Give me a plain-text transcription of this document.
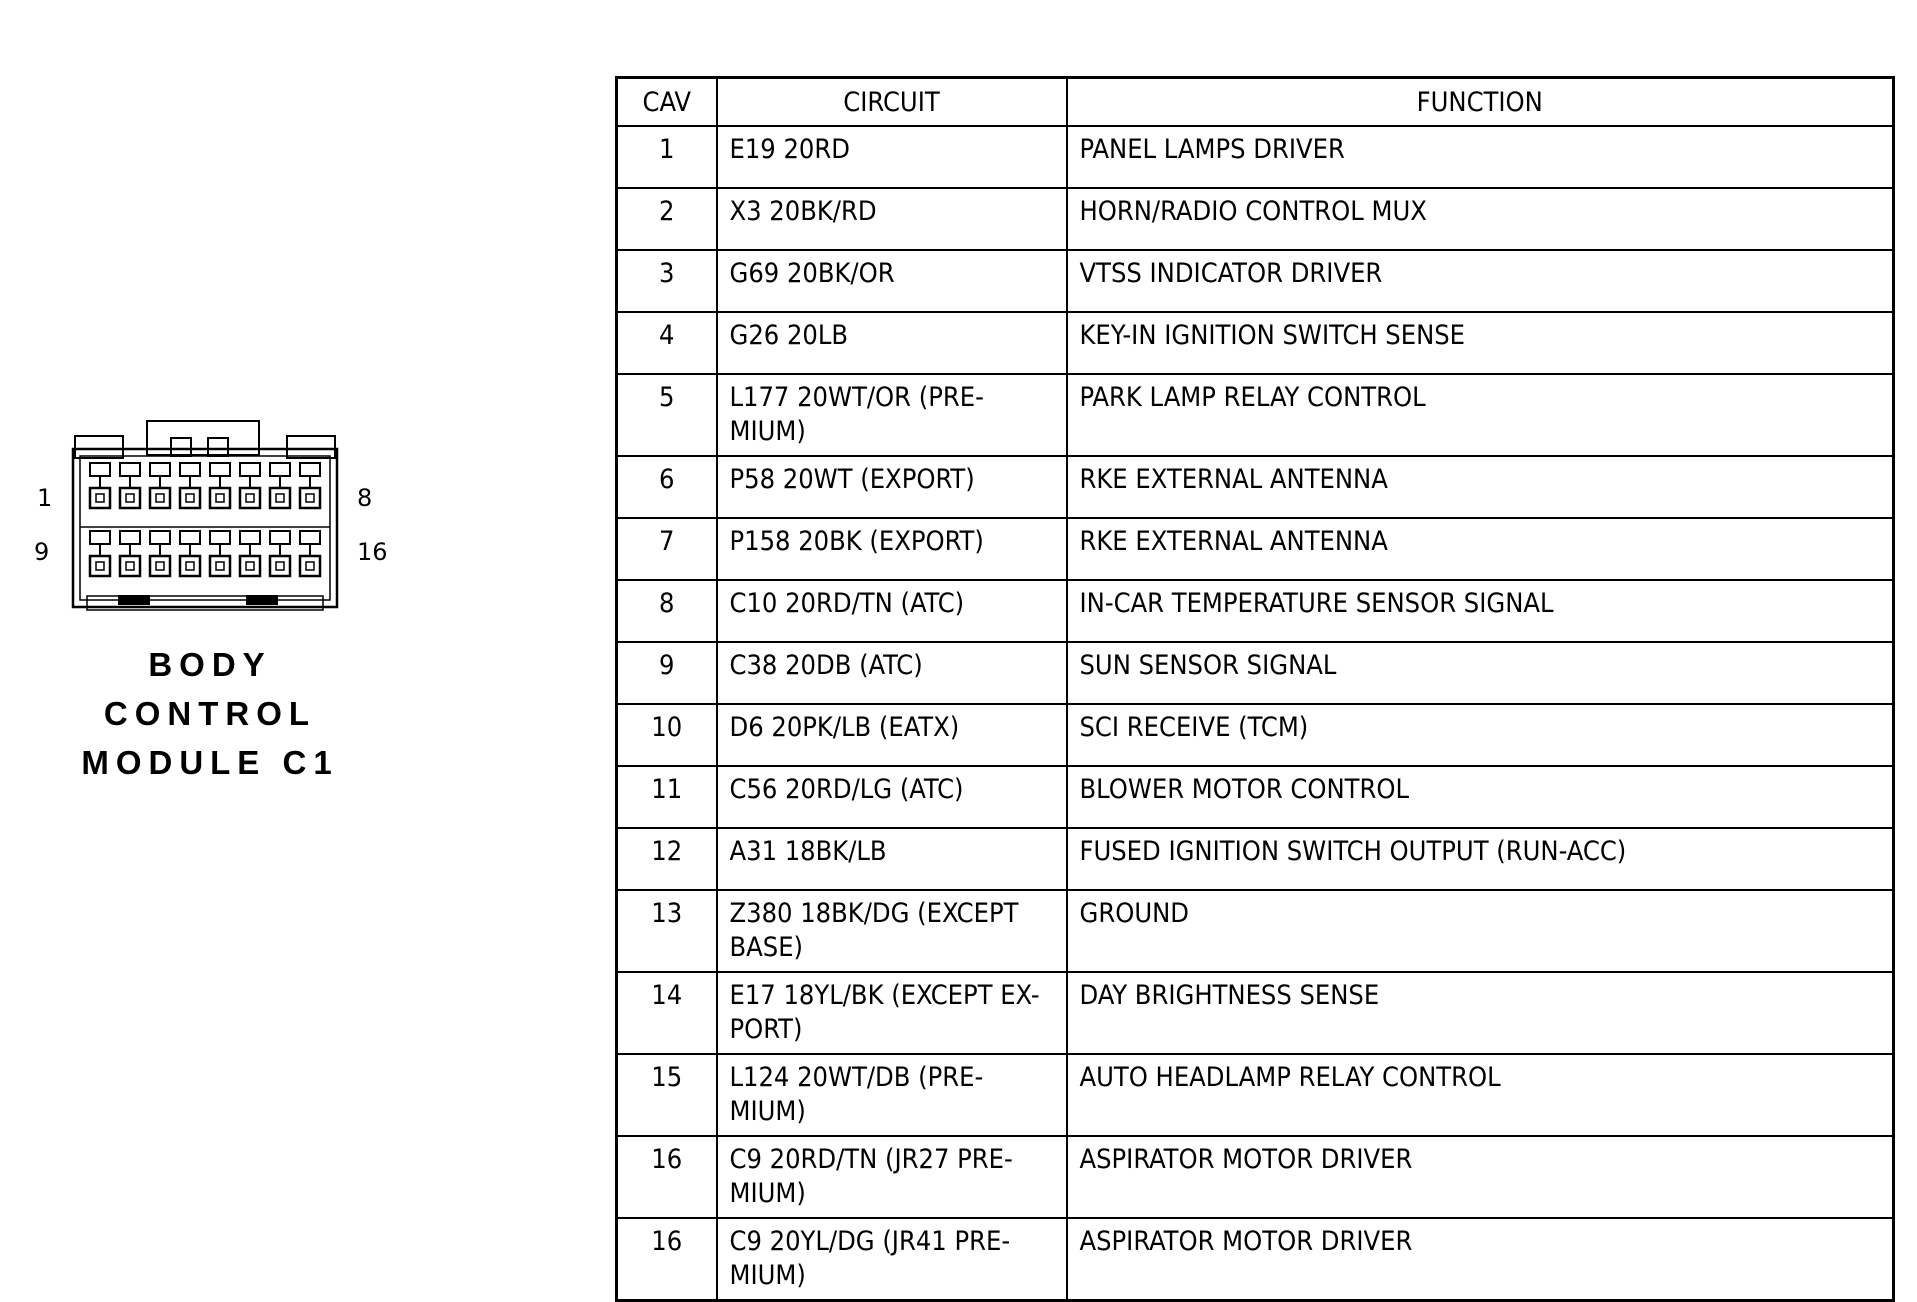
1	8
9	16
BODY
CONTROL
MODULE C1
CAV	CIRCUIT	FUNCTION
1	E19 20RD	PANEL LAMPS DRIVER
2	X3 20BK/RD	HORN/RADIO CONTROL MUX
3	G69 20BK/OR	VTSS INDICATOR DRIVER
4	G26 20LB	KEY-IN IGNITION SWITCH SENSE
5	L177 20WT/OR (PRE-MIUM)	PARK LAMP RELAY CONTROL
6	P58 20WT (EXPORT)	RKE EXTERNAL ANTENNA
7	P158 20BK (EXPORT)	RKE EXTERNAL ANTENNA
8	C10 20RD/TN (ATC)	IN-CAR TEMPERATURE SENSOR SIGNAL
9	C38 20DB (ATC)	SUN SENSOR SIGNAL
10	D6 20PK/LB (EATX)	SCI RECEIVE (TCM)
11	C56 20RD/LG (ATC)	BLOWER MOTOR CONTROL
12	A31 18BK/LB	FUSED IGNITION SWITCH OUTPUT (RUN-ACC)
13	Z380 18BK/DG (EXCEPT BASE)	GROUND
14	E17 18YL/BK (EXCEPT EX-PORT)	DAY BRIGHTNESS SENSE
15	L124 20WT/DB (PRE-MIUM)	AUTO HEADLAMP RELAY CONTROL
16	C9 20RD/TN (JR27 PRE-MIUM)	ASPIRATOR MOTOR DRIVER
16	C9 20YL/DG (JR41 PRE-MIUM)	ASPIRATOR MOTOR DRIVER
